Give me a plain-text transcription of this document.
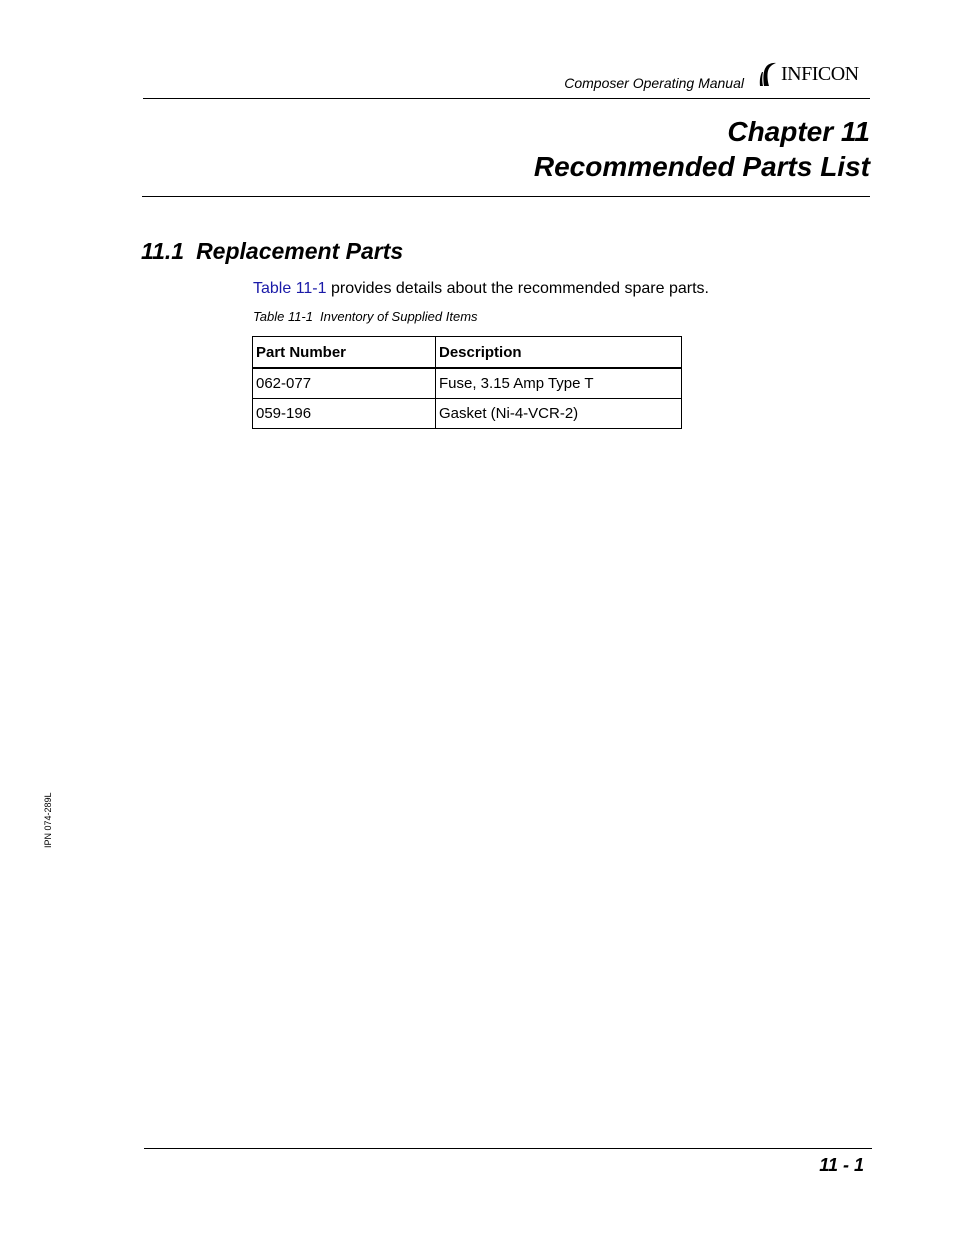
Composer Operating Manual INFICON
Chapter 11
Recommended Parts List
11.1 Replacement Parts
Table 11-1 provides details about the recommended spare parts.
Table 11-1 Inventory of Supplied Items
Part Number	Description
062-077	Fuse, 3.15 Amp Type T
059-196	Gasket (Ni-4-VCR-2)
IPN 074-289L
11 - 1
